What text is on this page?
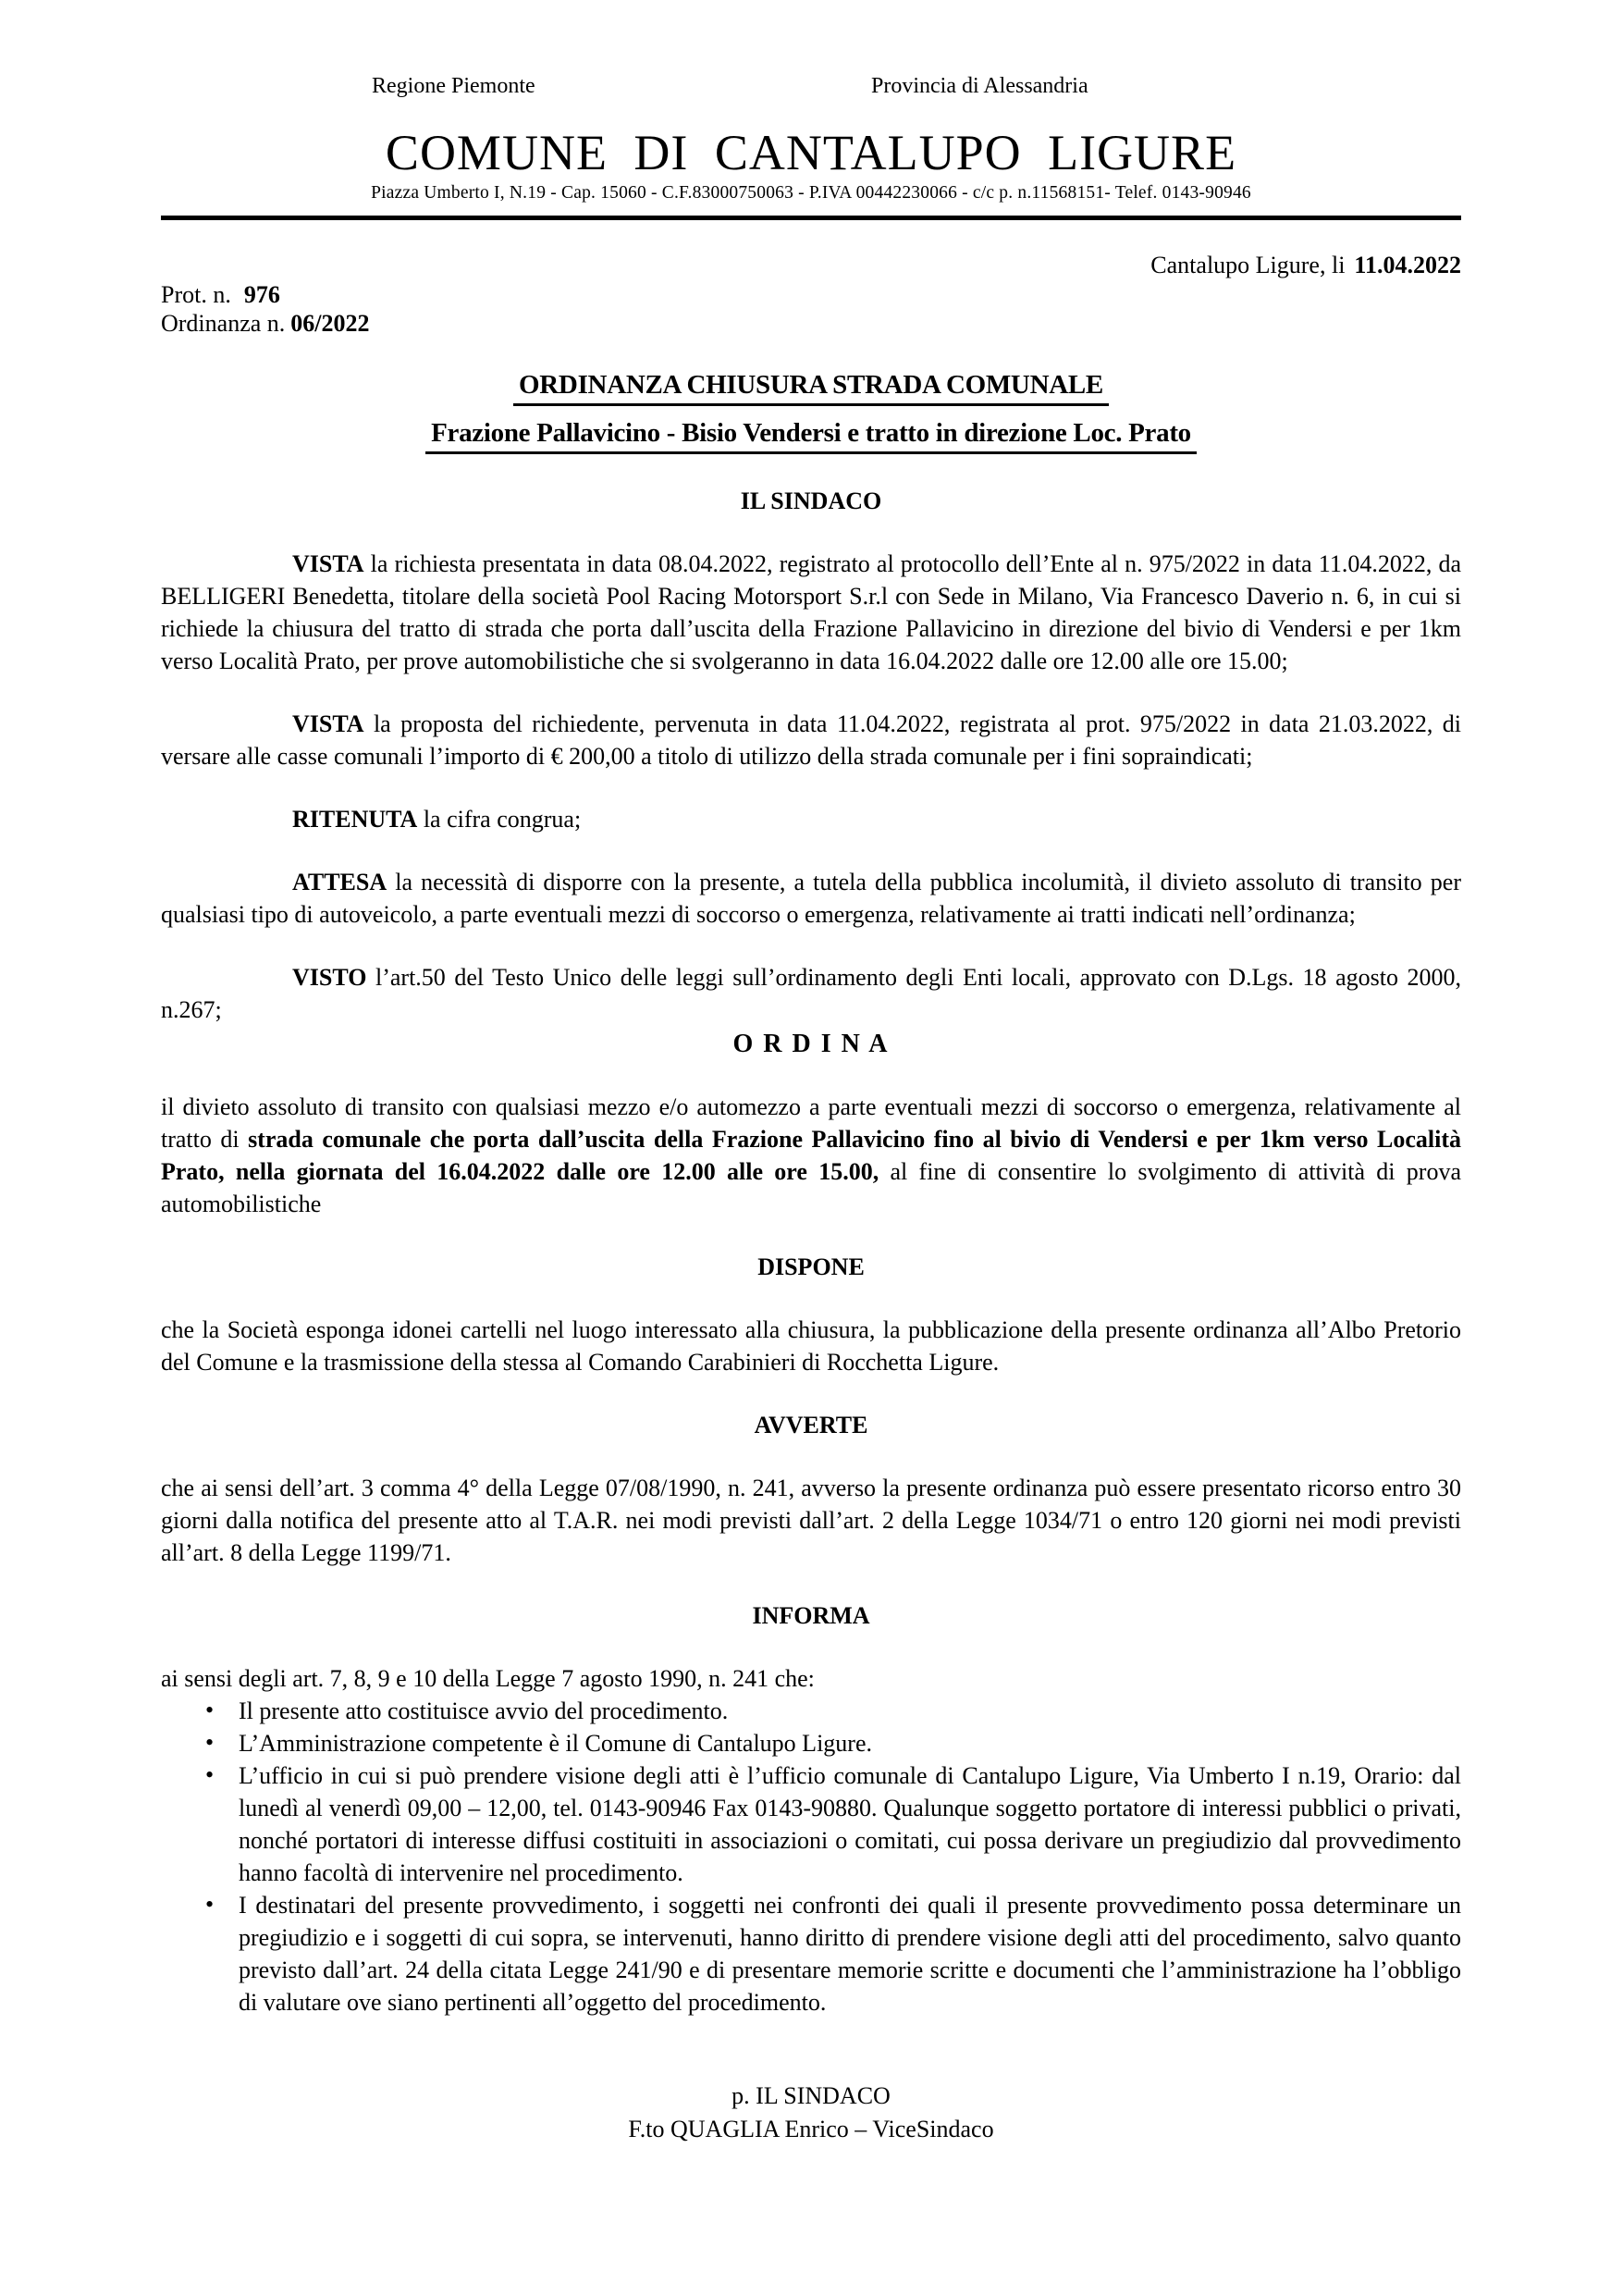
Regione Piemonte	Provincia di Alessandria
COMUNE DI CANTALUPO LIGURE
Piazza Umberto I, N.19 - Cap. 15060 - C.F.83000750063 - P.IVA 00442230066 - c/c p. n.11568151- Telef. 0143-90946
Cantalupo Ligure, li 11.04.2022
Prot. n. 976
Ordinanza n. 06/2022
ORDINANZA CHIUSURA STRADA COMUNALE
Frazione Pallavicino - Bisio Vendersi e tratto in direzione Loc. Prato
IL SINDACO

VISTA la richiesta presentata in data 08.04.2022, registrato al protocollo dell’Ente al n. 975/2022 in data 11.04.2022, da BELLIGERI Benedetta, titolare della società Pool Racing Motorsport S.r.l con Sede in Milano, Via Francesco Daverio n. 6, in cui si richiede la chiusura del tratto di strada che porta dall’uscita della Frazione Pallavicino in direzione del bivio di Vendersi e per 1km verso Località Prato, per prove automobilistiche che si svolgeranno in data 16.04.2022 dalle ore 12.00 alle ore 15.00;

VISTA la proposta del richiedente, pervenuta in data 11.04.2022, registrata al prot. 975/2022 in data 21.03.2022, di versare alle casse comunali l’importo di € 200,00 a titolo di utilizzo della strada comunale per i fini sopraindicati;

RITENUTA la cifra congrua;

ATTESA la necessità di disporre con la presente, a tutela della pubblica incolumità, il divieto assoluto di transito per qualsiasi tipo di autoveicolo, a parte eventuali mezzi di soccorso o emergenza, relativamente ai tratti indicati nell’ordinanza;

VISTO l’art.50 del Testo Unico delle leggi sull’ordinamento degli Enti locali, approvato con D.Lgs. 18 agosto 2000, n.267;

O R D I N A

il divieto assoluto di transito con qualsiasi mezzo e/o automezzo a parte eventuali mezzi di soccorso o emergenza, relativamente al tratto di strada comunale che porta dall’uscita della Frazione Pallavicino fino al bivio di Vendersi e per 1km verso Località Prato, nella giornata del 16.04.2022 dalle ore 12.00 alle ore 15.00, al fine di consentire lo svolgimento di attività di prova automobilistiche

DISPONE

che la Società esponga idonei cartelli nel luogo interessato alla chiusura, la pubblicazione della presente ordinanza all’Albo Pretorio del Comune e la trasmissione della stessa al Comando Carabinieri di Rocchetta Ligure.

AVVERTE

che ai sensi dell’art. 3 comma 4° della Legge 07/08/1990, n. 241, avverso la presente ordinanza può essere presentato ricorso entro 30 giorni dalla notifica del presente atto al T.A.R. nei modi previsti dall’art. 2 della Legge 1034/71 o entro 120 giorni nei modi previsti all’art. 8 della Legge 1199/71.

INFORMA

ai sensi degli art. 7, 8, 9 e 10 della Legge 7 agosto 1990, n. 241 che:

• Il presente atto costituisce avvio del procedimento.
• L’Amministrazione competente è il Comune di Cantalupo Ligure.
• L’ufficio in cui si può prendere visione degli atti è l’ufficio comunale di Cantalupo Ligure, Via Umberto I n.19, Orario: dal lunedì al venerdì 09,00 – 12,00, tel. 0143-90946 Fax 0143-90880. Qualunque soggetto portatore di interessi pubblici o privati, nonché portatori di interesse diffusi costituiti in associazioni o comitati, cui possa derivare un pregiudizio dal provvedimento hanno facoltà di intervenire nel procedimento.
• I destinatari del presente provvedimento, i soggetti nei confronti dei quali il presente provvedimento possa determinare un pregiudizio e i soggetti di cui sopra, se intervenuti, hanno diritto di prendere visione degli atti del procedimento, salvo quanto previsto dall’art. 24 della citata Legge 241/90 e di presentare memorie scritte e documenti che l’amministrazione ha l’obbligo di valutare ove siano pertinenti all’oggetto del procedimento.
p. IL SINDACO
F.to QUAGLIA Enrico – ViceSindaco
